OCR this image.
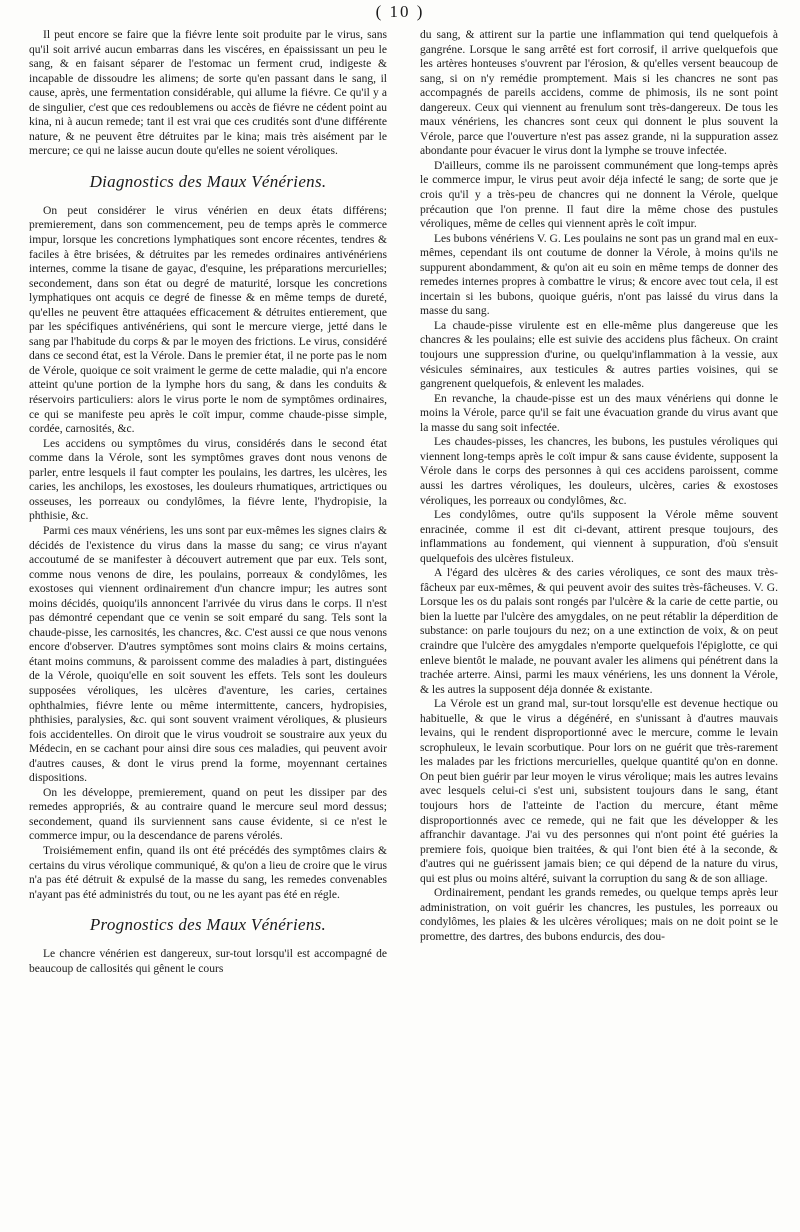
( 10 )

Il peut encore se faire que la fiévre lente soit produite par le virus, sans qu'il soit arrivé aucun embarras dans les viscéres, en épaississant un peu le sang, & en faisant séparer de l'estomac un ferment crud, indigeste & incapable de dissoudre les alimens; de sorte qu'en passant dans le sang, il cause, après, une fermentation considérable, qui allume la fiévre. Ce qu'il y a de singulier, c'est que ces redoublemens ou accès de fiévre ne cédent point au kina, ni à aucun remede; tant il est vrai que ces crudités sont d'une différente nature, & ne peuvent être détruites par le kina; mais très aisément par le mercure; ce qui ne laisse aucun doute qu'elles ne soient véroliques.

Diagnostics des Maux Vénériens.

On peut considérer le virus vénérien en deux états différens; premierement, dans son commencement, peu de temps après le commerce impur, lorsque les concretions lymphatiques sont encore récentes, tendres & faciles à être brisées, & détruites par les remedes ordinaires antivénériens internes, comme la tisane de gayac, d'esquine, les préparations mercurielles; secondement, dans son état ou degré de maturité, lorsque les concretions lymphatiques ont acquis ce degré de finesse & en même temps de dureté, qu'elles ne peuvent être attaquées efficacement & détruites entierement, que par les spécifiques antivénériens, qui sont le mercure vierge, jetté dans le sang par l'habitude du corps & par le moyen des frictions. Le virus, considéré dans ce second état, est la Vérole. Dans le premier état, il ne porte pas le nom de Vérole, quoique ce soit vraiment le germe de cette maladie, qui n'a encore atteint qu'une portion de la lymphe hors du sang, & dans les conduits & réservoirs particuliers: alors le virus porte le nom de symptômes ordinaires, ce qui se manifeste peu après le coït impur, comme chaude-pisse simple, cordée, carnosités, &c.

Les accidens ou symptômes du virus, considérés dans le second état comme dans la Vérole, sont les symptômes graves dont nous venons de parler, entre lesquels il faut compter les poulains, les dartres, les ulcères, les caries, les anchilops, les exostoses, les douleurs rhumatiques, artrictiques ou osseuses, les porreaux ou condylômes, la fiévre lente, l'hydropisie, la phthisie, &c.

Parmi ces maux vénériens, les uns sont par eux-mêmes les signes clairs & décidés de l'existence du virus dans la masse du sang; ce virus n'ayant accoutumé de se manifester à découvert autrement que par eux. Tels sont, comme nous venons de dire, les poulains, porreaux & condylômes, les exostoses qui viennent ordinairement d'un chancre impur; les autres sont moins décidés, quoiqu'ils annoncent l'arrivée du virus dans le corps. Il n'est pas démontré cependant que ce venin se soit emparé du sang. Tels sont la chaude-pisse, les carnosités, les chancres, &c. C'est aussi ce que nous venons encore d'observer. D'autres symptômes sont moins clairs & moins certains, étant moins communs, & paroissent comme des maladies à part, distinguées de la Vérole, quoiqu'elle en soit souvent les effets. Tels sont les douleurs supposées véroliques, les ulcères d'aventure, les caries, certaines ophthalmies, fiévre lente ou même intermittente, cancers, hydropisies, phthisies, paralysies, &c. qui sont souvent vraiment véroliques, & plusieurs fois accidentelles. On diroit que le virus voudroit se soustraire aux yeux du Médecin, en se cachant pour ainsi dire sous ces maladies, qui peuvent avoir d'autres causes, & dont le virus prend la forme, moyennant certaines dispositions.

On les développe, premierement, quand on peut les dissiper par des remedes appropriés, & au contraire quand le mercure seul mord dessus; secondement, quand ils surviennent sans cause évidente, si ce n'est le commerce impur, ou la descendance de parens vérolés.

Troisiémement enfin, quand ils ont été précédés des symptômes clairs & certains du virus vérolique communiqué, & qu'on a lieu de croire que le virus n'a pas été détruit & expulsé de la masse du sang, les remedes convenables n'ayant pas été administrés du tout, ou ne les ayant pas été en régle.

Prognostics des Maux Vénériens.

Le chancre vénérien est dangereux, sur-tout lorsqu'il est accompagné de beaucoup de callosités qui gênent le cours

du sang, & attirent sur la partie une inflammation qui tend quelquefois à gangréne. Lorsque le sang arrêté est fort corrosif, il arrive quelquefois que les artères honteuses s'ouvrent par l'érosion, & qu'elles versent beaucoup de sang, si on n'y remédie promptement. Mais si les chancres ne sont pas accompagnés de pareils accidens, comme de phimosis, ils ne sont point dangereux. Ceux qui viennent au frenulum sont très-dangereux. De tous les maux vénériens, les chancres sont ceux qui donnent le plus souvent la Vérole, parce que l'ouverture n'est pas assez grande, ni la suppuration assez abondante pour évacuer le virus dont la lymphe se trouve infectée.

D'ailleurs, comme ils ne paroissent communément que long-temps après le commerce impur, le virus peut avoir déja infecté le sang; de sorte que je crois qu'il y a très-peu de chancres qui ne donnent la Vérole, quelque précaution que l'on prenne. Il faut dire la même chose des pustules véroliques, même de celles qui viennent après le coït impur.

Les bubons vénériens V. G. Les poulains ne sont pas un grand mal en eux-mêmes, cependant ils ont coutume de donner la Vérole, à moins qu'ils ne suppurent abondamment, & qu'on ait eu soin en même temps de donner des remedes internes propres à combattre le virus; & encore avec tout cela, il est incertain si les bubons, quoique guéris, n'ont pas laissé du virus dans la masse du sang.

La chaude-pisse virulente est en elle-même plus dangereuse que les chancres & les poulains; elle est suivie des accidens plus fâcheux. On craint toujours une suppression d'urine, ou quelqu'inflammation à la vessie, aux vésicules séminaires, aux testicules & autres parties voisines, qui se gangrenent quelquefois, & enlevent les malades.

En revanche, la chaude-pisse est un des maux vénériens qui donne le moins la Vérole, parce qu'il se fait une évacuation grande du virus avant que la masse du sang soit infectée.

Les chaudes-pisses, les chancres, les bubons, les pustules véroliques qui viennent long-temps après le coït impur & sans cause évidente, supposent la Vérole dans le corps des personnes à qui ces accidens paroissent, comme aussi les dartres véroliques, les douleurs, ulcères, caries & exostoses véroliques, les porreaux ou condylômes, &c.

Les condylômes, outre qu'ils supposent la Vérole même souvent enracinée, comme il est dit ci-devant, attirent presque toujours, des inflammations au fondement, qui viennent à suppuration, d'où s'ensuit quelquefois des ulcères fistuleux.

A l'égard des ulcères & des caries véroliques, ce sont des maux très-fâcheux par eux-mêmes, & qui peuvent avoir des suites très-fâcheuses. V. G. Lorsque les os du palais sont rongés par l'ulcère & la carie de cette partie, ou bien la luette par l'ulcère des amygdales, on ne peut rétablir la déperdition de substance: on parle toujours du nez; on a une extinction de voix, & on peut craindre que l'ulcère des amygdales n'emporte quelquefois l'épiglotte, ce qui enleve bientôt le malade, ne pouvant avaler les alimens qui pénétrent dans la trachée arterre. Ainsi, parmi les maux vénériens, les uns donnent la Vérole, & les autres la supposent déja donnée & existante.

La Vérole est un grand mal, sur-tout lorsqu'elle est devenue hectique ou habituelle, & que le virus a dégénéré, en s'unissant à d'autres mauvais levains, qui le rendent disproportionné avec le mercure, comme le levain scrophuleux, le levain scorbutique. Pour lors on ne guérit que très-rarement les malades par les frictions mercurielles, quelque quantité qu'on en donne. On peut bien guérir par leur moyen le virus vérolique; mais les autres levains avec lesquels celui-ci s'est uni, subsistent toujours dans le sang, étant toujours hors de l'atteinte de l'action du mercure, étant même disproportionnés avec ce remede, qui ne fait que les développer & les affranchir davantage. J'ai vu des personnes qui n'ont point été guéries la premiere fois, quoique bien traitées, & qui l'ont bien été à la seconde, & d'autres qui ne guérissent jamais bien; ce qui dépend de la nature du virus, qui est plus ou moins altéré, suivant la corruption du sang & de son alliage.

Ordinairement, pendant les grands remedes, ou quelque temps après leur administration, on voit guérir les chancres, les pustules, les porreaux ou condylômes, les plaies & les ulcères véroliques; mais on ne doit point se le promettre, des dartres, des bubons endurcis, des dou-
